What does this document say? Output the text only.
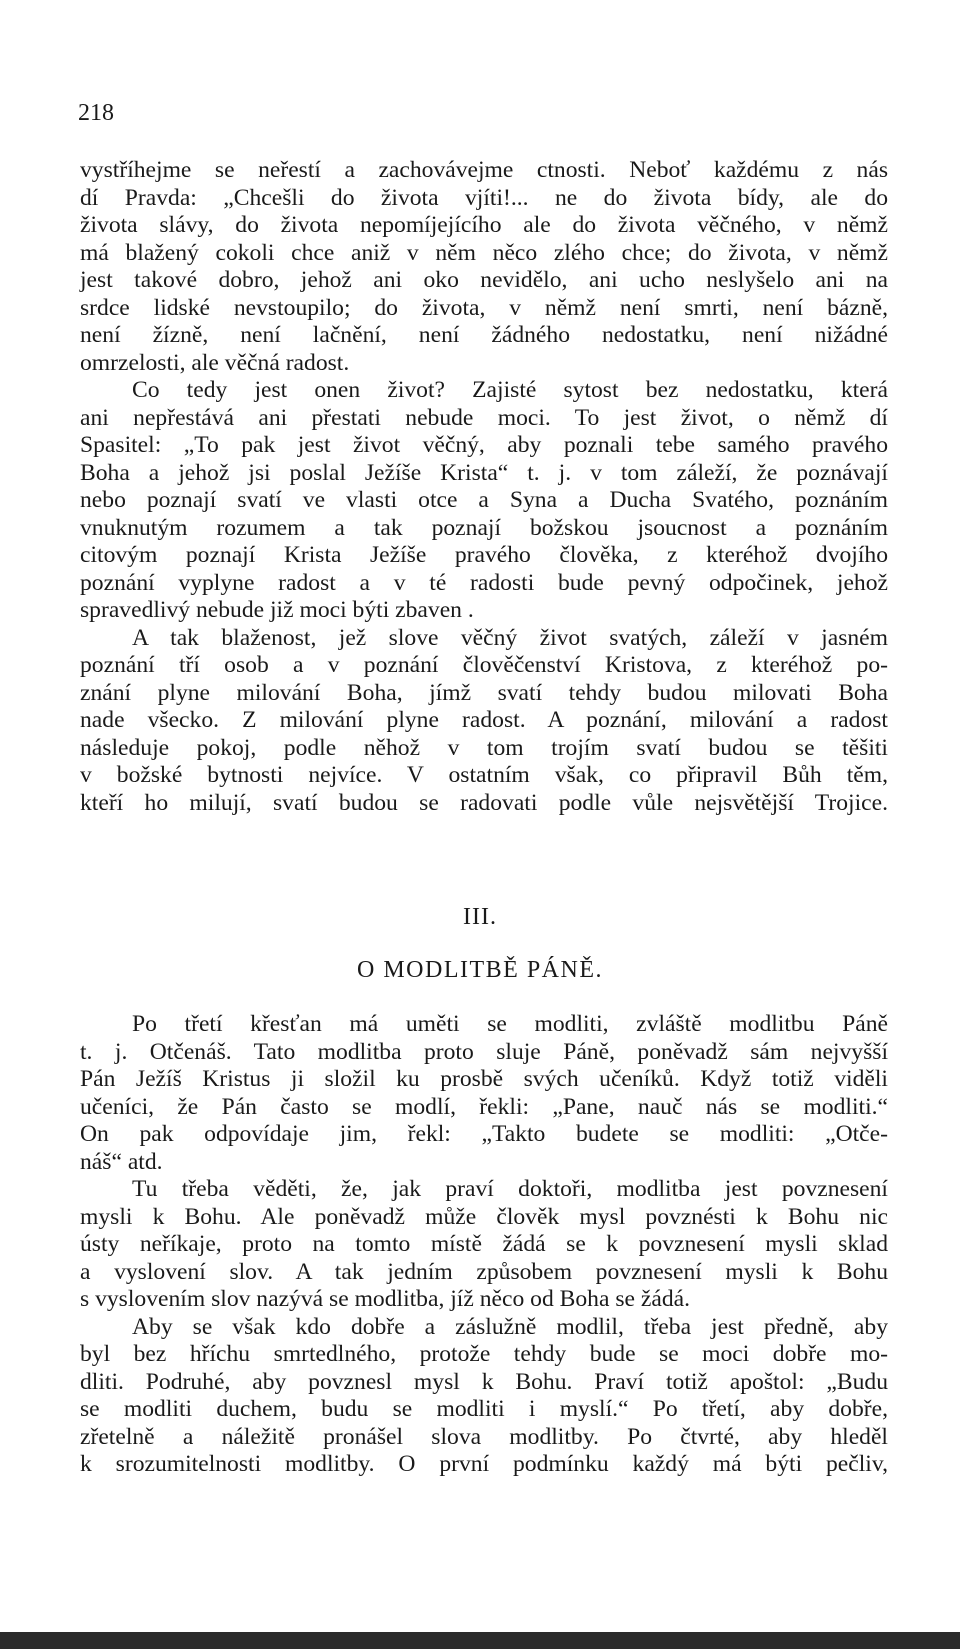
218
vystříhejme se neřestí a zachovávejme ctnosti. Neboť každému z nás
dí Pravda: „Chcešli do života vjíti!... ne do života bídy, ale do
života slávy, do života nepomíjejícího ale do života věčného, v němž
má blažený cokoli chce aniž v něm něco zlého chce; do života, v němž
jest takové dobro, jehož ani oko nevidělo, ani ucho neslyšelo ani na
srdce lidské nevstoupilo; do života, v němž není smrti, není bázně,
není žízně, není lačnění, není žádného nedostatku, není nižádné
omrzelosti, ale věčná radost.
Co tedy jest onen život? Zajisté sytost bez nedostatku, která
ani nepřestává ani přestati nebude moci. To jest život, o němž dí
Spasitel: „To pak jest život věčný, aby poznali tebe samého pravého
Boha a jehož jsi poslal Ježíše Krista“ t. j. v tom záleží, že poznávají
nebo poznají svatí ve vlasti otce a Syna a Ducha Svatého, poznáním
vnuknutým rozumem a tak poznají božskou jsoucnost a poznáním
citovým poznají Krista Ježíše pravého člověka, z kteréhož dvojího
poznání vyplyne radost a v té radosti bude pevný odpočinek, jehož
spravedlivý nebude již moci býti zbaven .
A tak blaženost, jež slove věčný život svatých, záleží v jasném
poznání tří osob a v poznání člověčenství Kristova, z kteréhož po-
znání plyne milování Boha, jímž svatí tehdy budou milovati Boha
nade všecko. Z milování plyne radost. A poznání, milování a radost
následuje pokoj, podle něhož v tom trojím svatí budou se těšiti
v božské bytnosti nejvíce. V ostatním však, co připravil Bůh těm,
kteří ho milují, svatí budou se radovati podle vůle nejsvětější Trojice.
III.
O MODLITBĚ PÁNĚ.
Po třetí křesťan má uměti se modliti, zvláště modlitbu Páně
t. j. Otčenáš. Tato modlitba proto sluje Páně, poněvadž sám nejvyšší
Pán Ježíš Kristus ji složil ku prosbě svých učeníků. Když totiž viděli
učeníci, že Pán často se modlí, řekli: „Pane, nauč nás se modliti.“
On pak odpovídaje jim, řekl: „Takto budete se modliti: „Otče-
náš“ atd.
Tu třeba věděti, že, jak praví doktoři, modlitba jest povznesení
mysli k Bohu. Ale poněvadž může člověk mysl povznésti k Bohu nic
ústy neříkaje, proto na tomto místě žádá se k povznesení mysli sklad
a vyslovení slov. A tak jedním způsobem povznesení mysli k Bohu
s vyslovením slov nazývá se modlitba, jíž něco od Boha se žádá.
Aby se však kdo dobře a záslužně modlil, třeba jest předně, aby
byl bez hříchu smrtedlného, protože tehdy bude se moci dobře mo-
dliti. Podruhé, aby povznesl mysl k Bohu. Praví totiž apoštol: „Budu
se modliti duchem, budu se modliti i myslí.“ Po třetí, aby dobře,
zřetelně a náležitě pronášel slova modlitby. Po čtvrté, aby hleděl
k srozumitelnosti modlitby. O první podmínku každý má býti pečliv,
